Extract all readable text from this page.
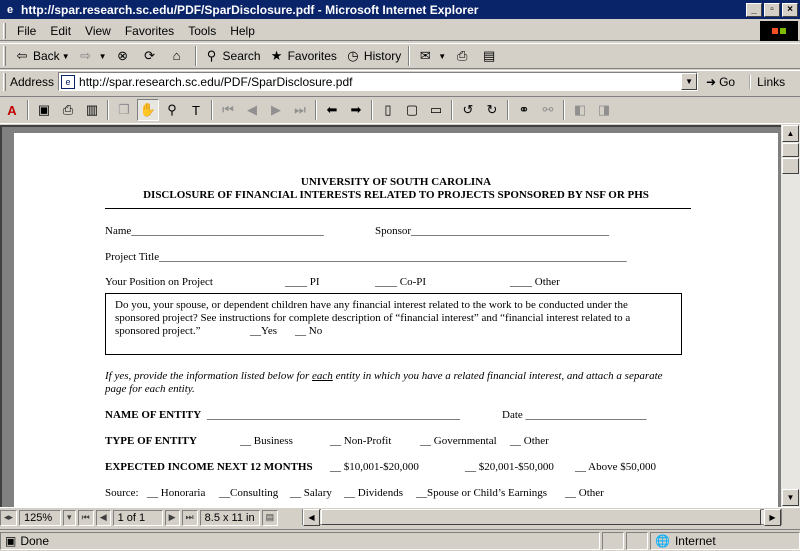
e http://spar.research.sc.edu/PDF/SparDisclosure.pdf - Microsoft Internet Explorer	_	▫	×
File	Edit	View	Favorites	Tools	Help
⇦ Back ▼ ⇨ ▼ ⊗ ⟳	⌂	⚲ Search ★ Favorites ◷ History ✉ ▼ ⎙ ▤
Address	e http://spar.research.sc.edu/PDF/SparDisclosure.pdf	▼	➜ Go	Links
A	▣ ⎙ ▥	❐ ✋ ⚲	T	⏮	◀	▶	⏭	⬅	➡	▯	▢ ▭	↺	↻	⚭	⚯	◧ ◨
UNIVERSITY OF SOUTH CAROLINA
DISCLOSURE OF FINANCIAL INTERESTS RELATED TO PROJECTS SPONSORED BY NSF OR PHS
Name___________________________________	Sponsor____________________________________
Project Title_____________________________________________________________________________________
Your Position on Project	____ PI	____ Co-PI	____ Other
Do you, your spouse, or dependent children have any financial interest related to the work to be conducted under the
sponsored project? See instructions for complete description of “financial interest” and “financial interest related to a
sponsored project.”	__Yes __ No
If yes, provide the information listed below for each entity in which you have a related financial interest, and attach a separate
page for each entity.
NAME OF ENTITY ______________________________________________	Date ______________________
TYPE OF ENTITY	__ Business	__ Non-Profit	__ Governmental __ Other
EXPECTED INCOME NEXT 12 MONTHS __ $10,001-$20,000	__ $20,001-$50,000 __ Above $50,000
Source: __ Honoraria __Consulting __ Salary __ Dividends __Spouse or Child’s Earnings __ Other
▲
▼
◂▸	125%	▾	⏮	◀	1 of 1	▶	⏭	8.5 x 11 in	▤	◀	▶
▣ Done	🌐 Internet
